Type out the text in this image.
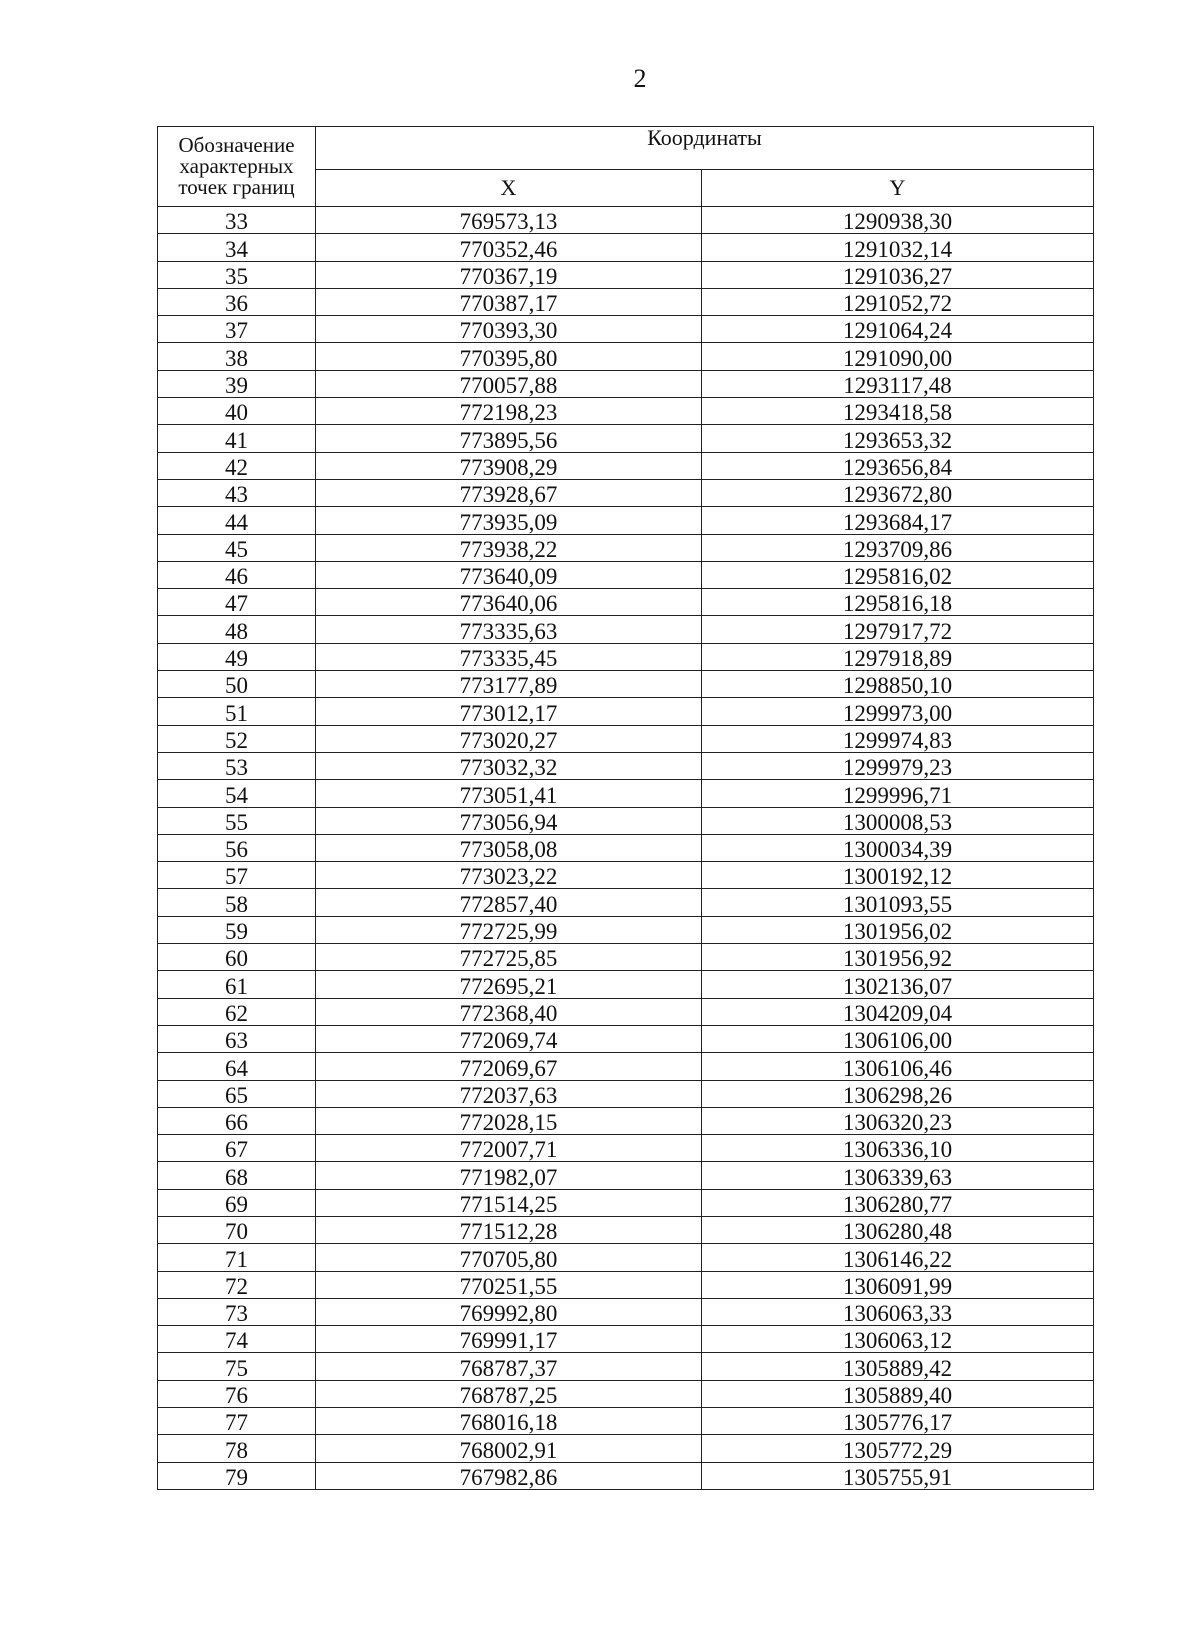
2
Обозначение характерных точек границ	Координаты	
	X	Y
33	769573,13	1290938,30
34	770352,46	1291032,14
35	770367,19	1291036,27
36	770387,17	1291052,72
37	770393,30	1291064,24
38	770395,80	1291090,00
39	770057,88	1293117,48
40	772198,23	1293418,58
41	773895,56	1293653,32
42	773908,29	1293656,84
43	773928,67	1293672,80
44	773935,09	1293684,17
45	773938,22	1293709,86
46	773640,09	1295816,02
47	773640,06	1295816,18
48	773335,63	1297917,72
49	773335,45	1297918,89
50	773177,89	1298850,10
51	773012,17	1299973,00
52	773020,27	1299974,83
53	773032,32	1299979,23
54	773051,41	1299996,71
55	773056,94	1300008,53
56	773058,08	1300034,39
57	773023,22	1300192,12
58	772857,40	1301093,55
59	772725,99	1301956,02
60	772725,85	1301956,92
61	772695,21	1302136,07
62	772368,40	1304209,04
63	772069,74	1306106,00
64	772069,67	1306106,46
65	772037,63	1306298,26
66	772028,15	1306320,23
67	772007,71	1306336,10
68	771982,07	1306339,63
69	771514,25	1306280,77
70	771512,28	1306280,48
71	770705,80	1306146,22
72	770251,55	1306091,99
73	769992,80	1306063,33
74	769991,17	1306063,12
75	768787,37	1305889,42
76	768787,25	1305889,40
77	768016,18	1305776,17
78	768002,91	1305772,29
79	767982,86	1305755,91
